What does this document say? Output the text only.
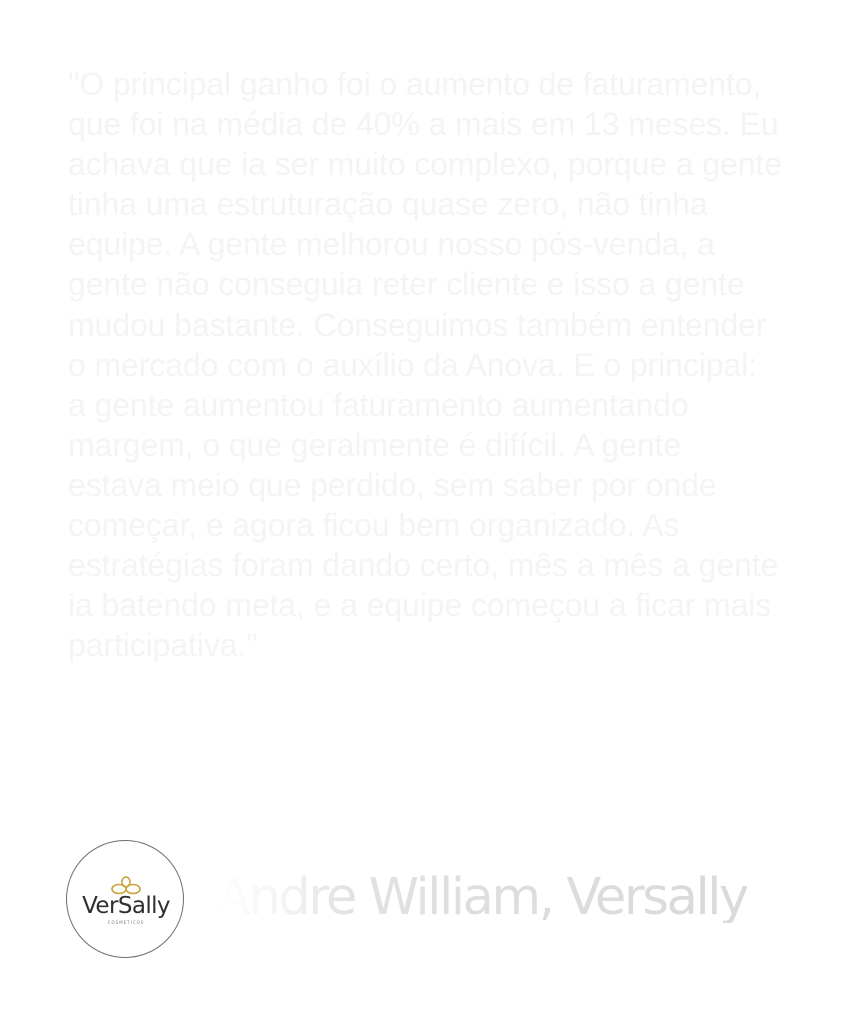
"O principal ganho foi o aumento de faturamento, que foi na média de 40% a mais em 13 meses. Eu achava que ia ser muito complexo, porque a gente tinha uma estruturação quase zero, não tinha equipe. A gente melhorou nosso pós-venda, a gente não conseguia reter cliente e isso a gente mudou bastante. Conseguimos também entender o mercado com o auxílio da Anova. E o principal: a gente aumentou faturamento aumentando margem, o que geralmente é difícil. A gente estava meio que perdido, sem saber por onde começar, e agora ficou bem organizado. As estratégias foram dando certo, mês a mês a gente ia batendo meta, e a equipe começou a ficar mais participativa."

VerSally
COSMETICOS	Andre William, Versally
